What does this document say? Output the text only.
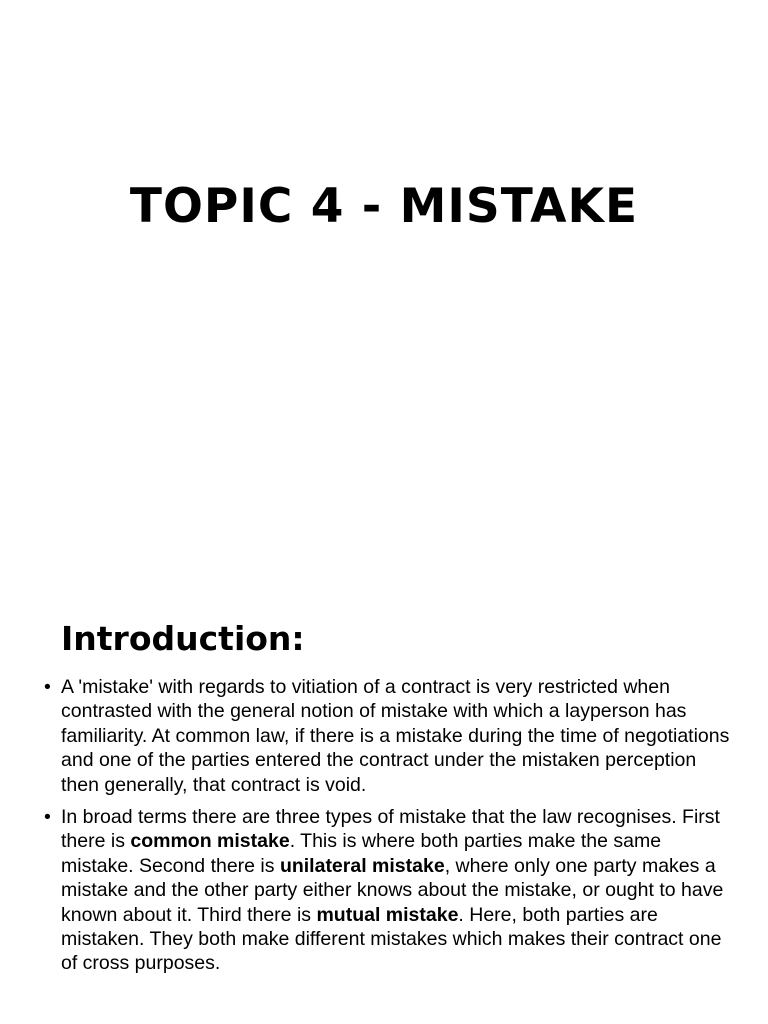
TOPIC 4 - MISTAKE
Introduction:
• A 'mistake' with regards to vitiation of a contract is very restricted when contrasted with the general notion of mistake with which a layperson has familiarity. At common law, if there is a mistake during the time of negotiations and one of the parties entered the contract under the mistaken perception then generally, that contract is void.
• In broad terms there are three types of mistake that the law recognises. First there is common mistake. This is where both parties make the same mistake. Second there is unilateral mistake, where only one party makes a mistake and the other party either knows about the mistake, or ought to have known about it. Third there is mutual mistake. Here, both parties are mistaken. They both make different mistakes which makes their contract one of cross purposes.
